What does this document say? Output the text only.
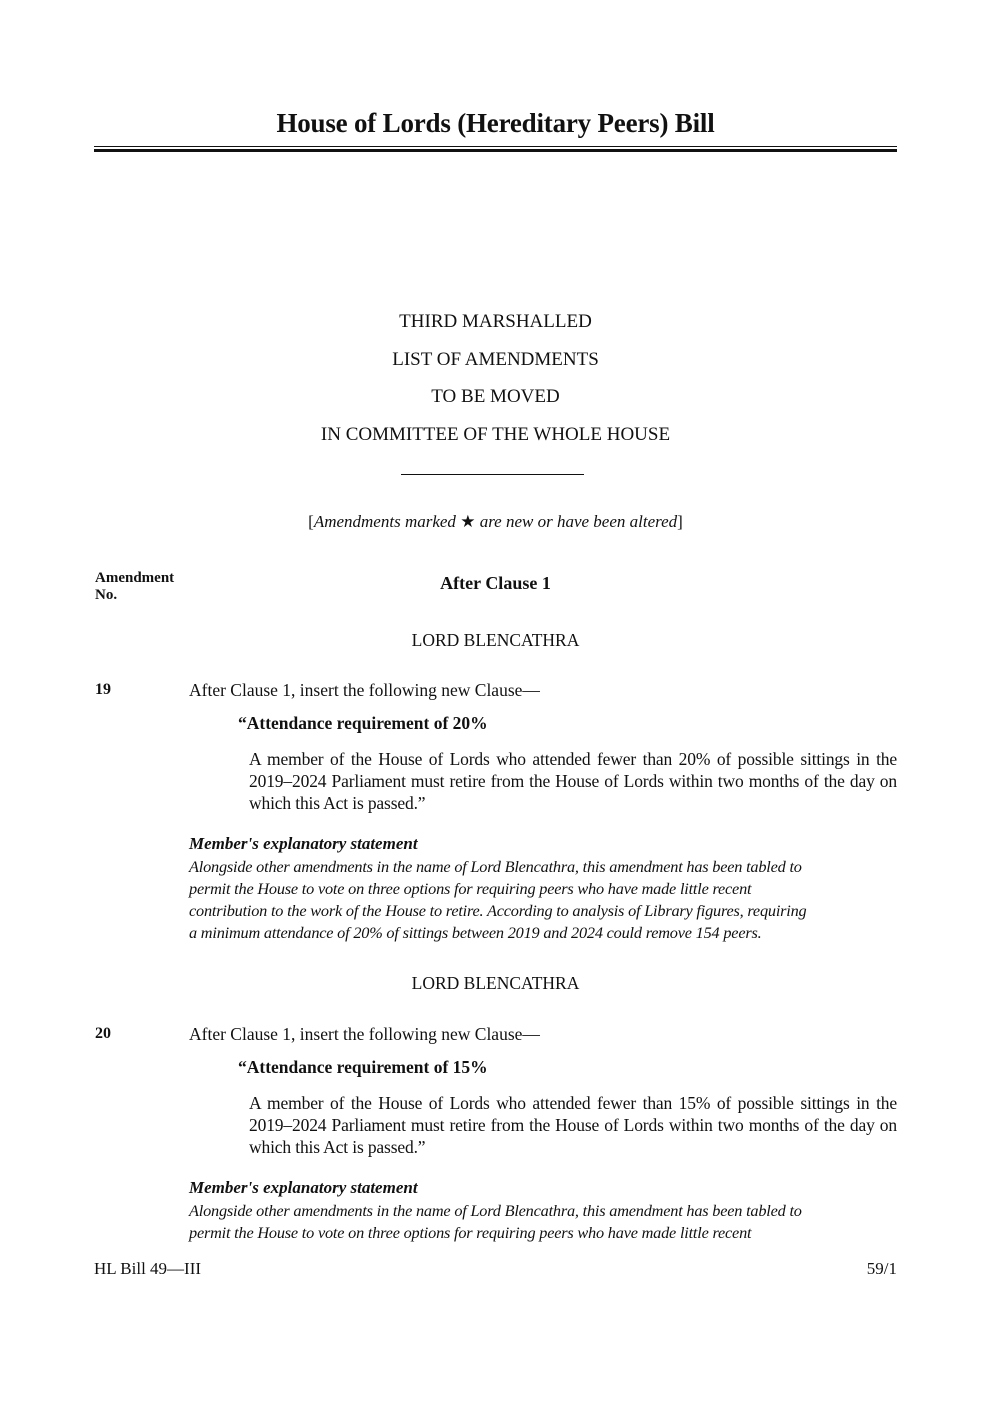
House of Lords (Hereditary Peers) Bill
THIRD MARSHALLED
LIST OF AMENDMENTS
TO BE MOVED
IN COMMITTEE OF THE WHOLE HOUSE
[Amendments marked ★ are new or have been altered]
Amendment
No.
After Clause 1
LORD BLENCATHRA
19	After Clause 1, insert the following new Clause—
“Attendance requirement of 20%
A member of the House of Lords who attended fewer than 20% of possible sittings in the 2019–2024 Parliament must retire from the House of Lords within two months of the day on which this Act is passed.”
Member's explanatory statement
Alongside other amendments in the name of Lord Blencathra, this amendment has been tabled to
permit the House to vote on three options for requiring peers who have made little recent
contribution to the work of the House to retire. According to analysis of Library figures, requiring
a minimum attendance of 20% of sittings between 2019 and 2024 could remove 154 peers.
LORD BLENCATHRA
20	After Clause 1, insert the following new Clause—
“Attendance requirement of 15%
A member of the House of Lords who attended fewer than 15% of possible sittings in the 2019–2024 Parliament must retire from the House of Lords within two months of the day on which this Act is passed.”
Member's explanatory statement
Alongside other amendments in the name of Lord Blencathra, this amendment has been tabled to
permit the House to vote on three options for requiring peers who have made little recent
HL Bill 49—III	59/1
